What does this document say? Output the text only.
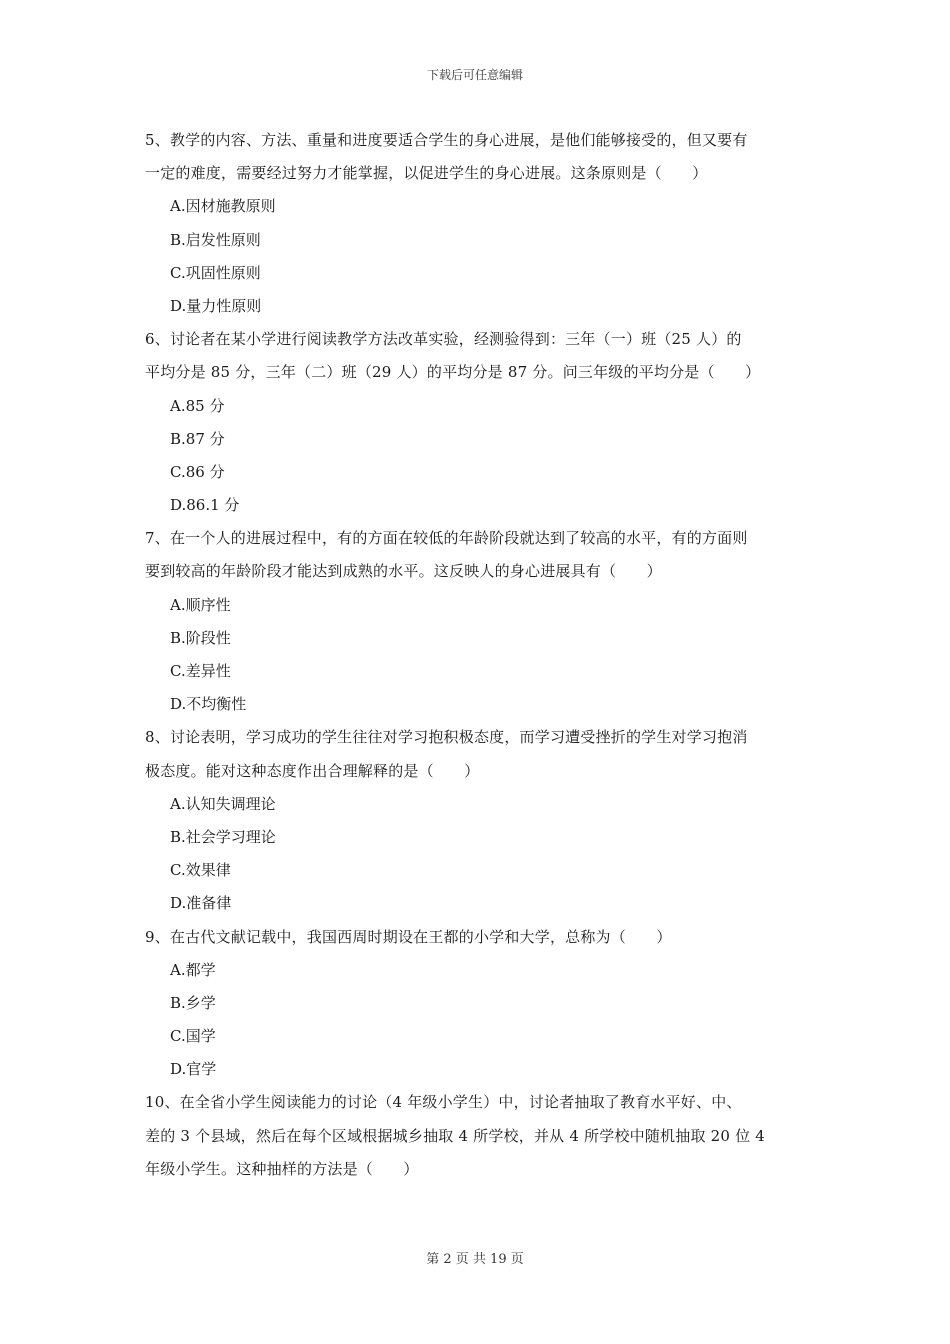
下载后可任意编辑
5、教学的内容、方法、重量和进度要适合学生的身心进展，是他们能够接受的，但又要有
一定的难度，需要经过努力才能掌握，以促进学生的身心进展。这条原则是（　　）
A.因材施教原则
B.启发性原则
C.巩固性原则
D.量力性原则
6、讨论者在某小学进行阅读教学方法改革实验，经测验得到：三年（一）班（25 人）的
平均分是 85 分，三年（二）班（29 人）的平均分是 87 分。问三年级的平均分是（　　）
A.85 分
B.87 分
C.86 分
D.86.1 分
7、在一个人的进展过程中，有的方面在较低的年龄阶段就达到了较高的水平，有的方面则
要到较高的年龄阶段才能达到成熟的水平。这反映人的身心进展具有（　　）
A.顺序性
B.阶段性
C.差异性
D.不均衡性
8、讨论表明，学习成功的学生往往对学习抱积极态度，而学习遭受挫折的学生对学习抱消
极态度。能对这种态度作出合理解释的是（　　）
A.认知失调理论
B.社会学习理论
C.效果律
D.准备律
9、在古代文献记载中，我国西周时期设在王都的小学和大学，总称为（　　）
A.都学
B.乡学
C.国学
D.官学
10、在全省小学生阅读能力的讨论（4 年级小学生）中，讨论者抽取了教育水平好、中、
差的 3 个县域，然后在每个区域根据城乡抽取 4 所学校，并从 4 所学校中随机抽取 20 位 4
年级小学生。这种抽样的方法是（　　）
第 2 页 共 19 页
